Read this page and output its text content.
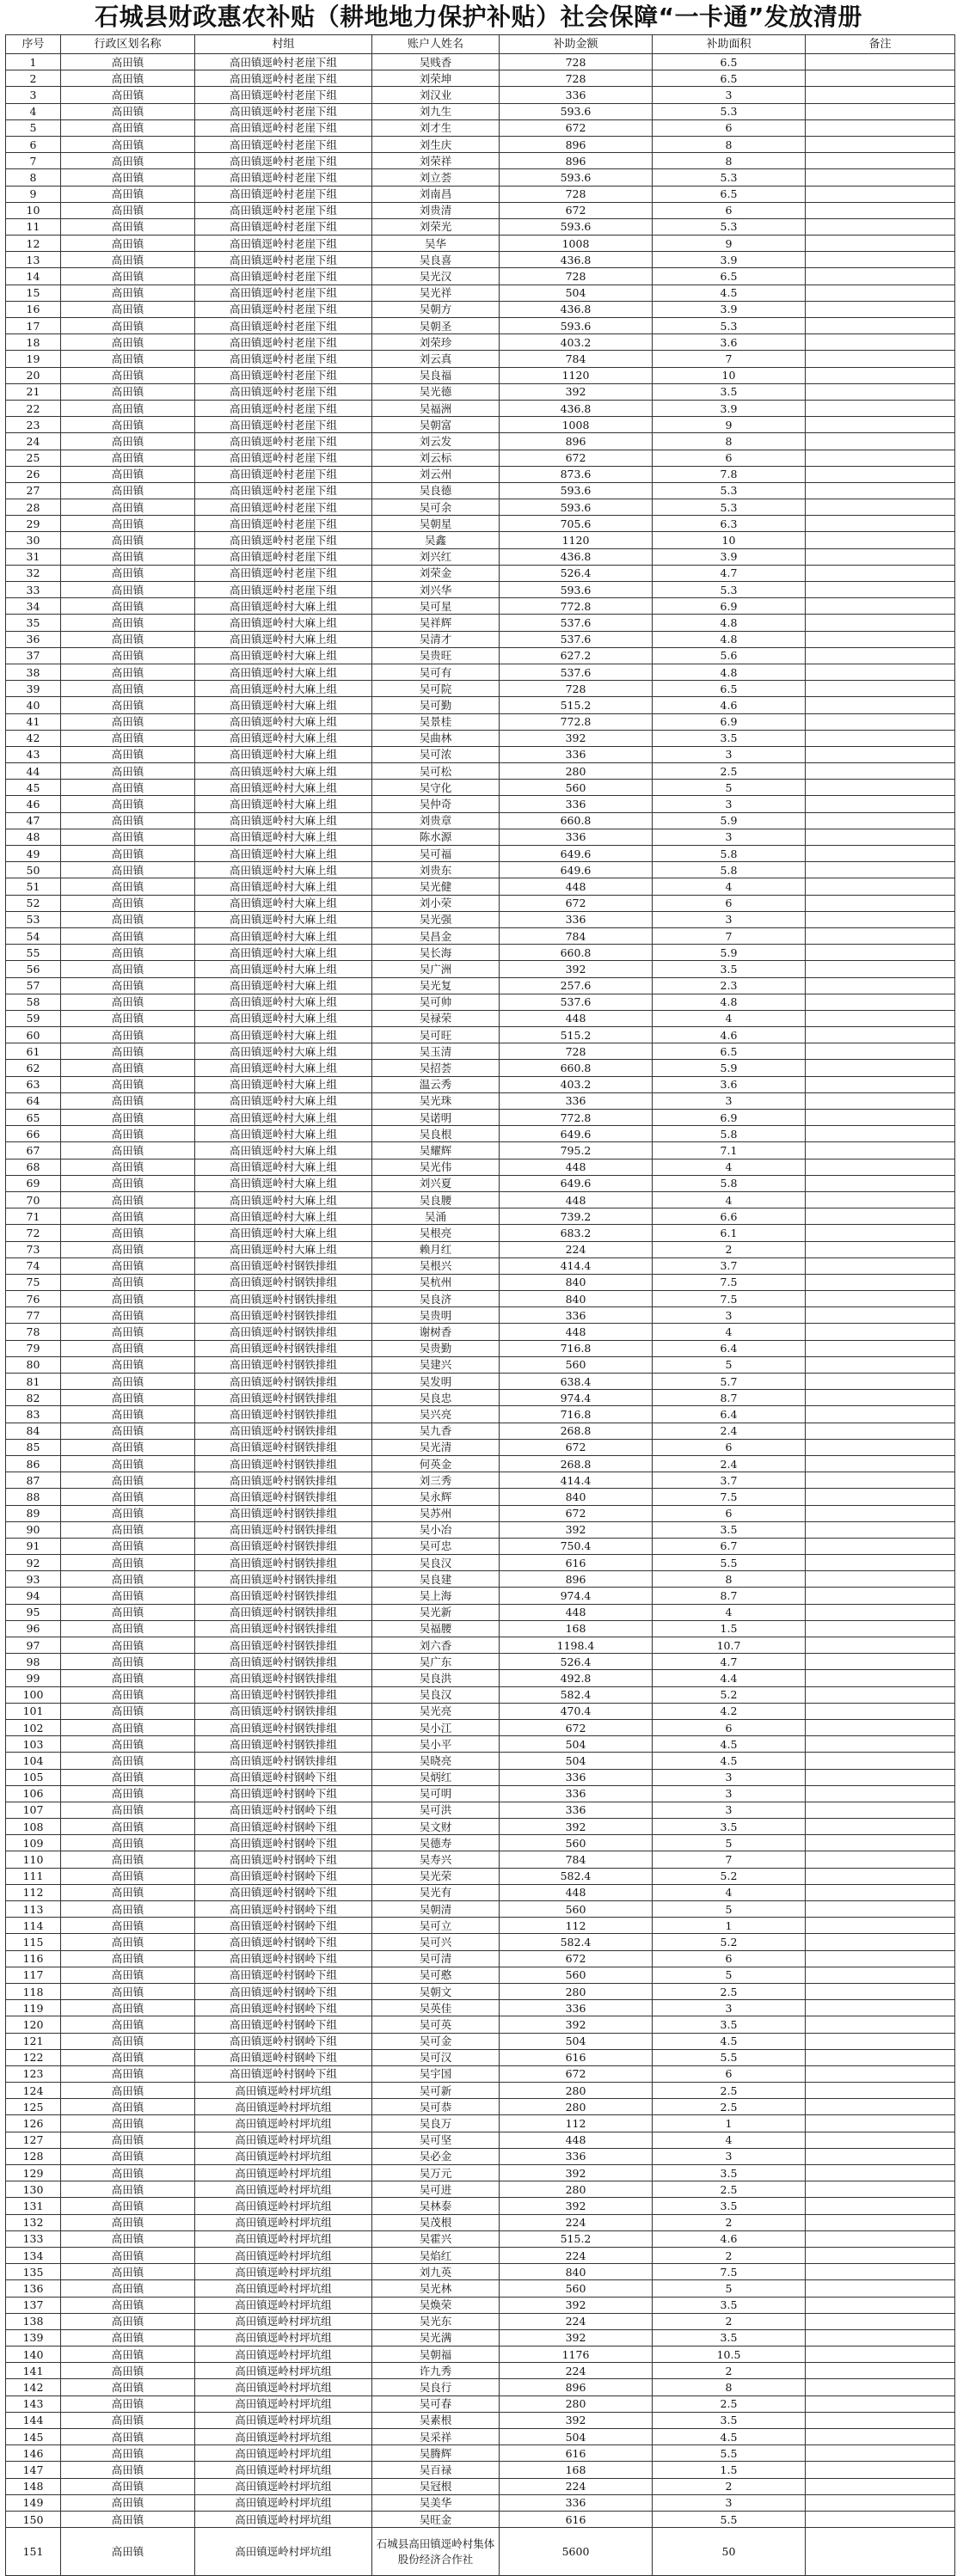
石城县财政惠农补贴（耕地地力保护补贴）社会保障“一卡通”发放清册
序号	行政区划名称	村组	账户人姓名	补助金额	补助面积	备注
1	高田镇	高田镇逕岭村老崖下组	吴贱香	728	6.5	
2	高田镇	高田镇逕岭村老崖下组	刘荣坤	728	6.5	
3	高田镇	高田镇逕岭村老崖下组	刘汉业	336	3	
4	高田镇	高田镇逕岭村老崖下组	刘九生	593.6	5.3	
5	高田镇	高田镇逕岭村老崖下组	刘才生	672	6	
6	高田镇	高田镇逕岭村老崖下组	刘生庆	896	8	
7	高田镇	高田镇逕岭村老崖下组	刘荣祥	896	8	
8	高田镇	高田镇逕岭村老崖下组	刘立荟	593.6	5.3	
9	高田镇	高田镇逕岭村老崖下组	刘南昌	728	6.5	
10	高田镇	高田镇逕岭村老崖下组	刘贵清	672	6	
11	高田镇	高田镇逕岭村老崖下组	刘荣光	593.6	5.3	
12	高田镇	高田镇逕岭村老崖下组	吴华	1008	9	
13	高田镇	高田镇逕岭村老崖下组	吴良喜	436.8	3.9	
14	高田镇	高田镇逕岭村老崖下组	吴光汉	728	6.5	
15	高田镇	高田镇逕岭村老崖下组	吴光祥	504	4.5	
16	高田镇	高田镇逕岭村老崖下组	吴朝方	436.8	3.9	
17	高田镇	高田镇逕岭村老崖下组	吴朝圣	593.6	5.3	
18	高田镇	高田镇逕岭村老崖下组	刘荣珍	403.2	3.6	
19	高田镇	高田镇逕岭村老崖下组	刘云真	784	7	
20	高田镇	高田镇逕岭村老崖下组	吴良福	1120	10	
21	高田镇	高田镇逕岭村老崖下组	吴光德	392	3.5	
22	高田镇	高田镇逕岭村老崖下组	吴福洲	436.8	3.9	
23	高田镇	高田镇逕岭村老崖下组	吴朝富	1008	9	
24	高田镇	高田镇逕岭村老崖下组	刘云发	896	8	
25	高田镇	高田镇逕岭村老崖下组	刘云标	672	6	
26	高田镇	高田镇逕岭村老崖下组	刘云州	873.6	7.8	
27	高田镇	高田镇逕岭村老崖下组	吴良德	593.6	5.3	
28	高田镇	高田镇逕岭村老崖下组	吴可余	593.6	5.3	
29	高田镇	高田镇逕岭村老崖下组	吴朝星	705.6	6.3	
30	高田镇	高田镇逕岭村老崖下组	吴鑫	1120	10	
31	高田镇	高田镇逕岭村老崖下组	刘兴红	436.8	3.9	
32	高田镇	高田镇逕岭村老崖下组	刘荣金	526.4	4.7	
33	高田镇	高田镇逕岭村老崖下组	刘兴华	593.6	5.3	
34	高田镇	高田镇逕岭村大麻上组	吴可星	772.8	6.9	
35	高田镇	高田镇逕岭村大麻上组	吴祥辉	537.6	4.8	
36	高田镇	高田镇逕岭村大麻上组	吴清才	537.6	4.8	
37	高田镇	高田镇逕岭村大麻上组	吴贵旺	627.2	5.6	
38	高田镇	高田镇逕岭村大麻上组	吴可有	537.6	4.8	
39	高田镇	高田镇逕岭村大麻上组	吴可院	728	6.5	
40	高田镇	高田镇逕岭村大麻上组	吴可勤	515.2	4.6	
41	高田镇	高田镇逕岭村大麻上组	吴景桂	772.8	6.9	
42	高田镇	高田镇逕岭村大麻上组	吴曲林	392	3.5	
43	高田镇	高田镇逕岭村大麻上组	吴可浓	336	3	
44	高田镇	高田镇逕岭村大麻上组	吴可松	280	2.5	
45	高田镇	高田镇逕岭村大麻上组	吴守化	560	5	
46	高田镇	高田镇逕岭村大麻上组	吴仲奇	336	3	
47	高田镇	高田镇逕岭村大麻上组	刘贵章	660.8	5.9	
48	高田镇	高田镇逕岭村大麻上组	陈水源	336	3	
49	高田镇	高田镇逕岭村大麻上组	吴可福	649.6	5.8	
50	高田镇	高田镇逕岭村大麻上组	刘贵东	649.6	5.8	
51	高田镇	高田镇逕岭村大麻上组	吴光健	448	4	
52	高田镇	高田镇逕岭村大麻上组	刘小荣	672	6	
53	高田镇	高田镇逕岭村大麻上组	吴光强	336	3	
54	高田镇	高田镇逕岭村大麻上组	吴昌金	784	7	
55	高田镇	高田镇逕岭村大麻上组	吴长海	660.8	5.9	
56	高田镇	高田镇逕岭村大麻上组	吴广洲	392	3.5	
57	高田镇	高田镇逕岭村大麻上组	吴光复	257.6	2.3	
58	高田镇	高田镇逕岭村大麻上组	吴可帅	537.6	4.8	
59	高田镇	高田镇逕岭村大麻上组	吴禄荣	448	4	
60	高田镇	高田镇逕岭村大麻上组	吴可旺	515.2	4.6	
61	高田镇	高田镇逕岭村大麻上组	吴玉清	728	6.5	
62	高田镇	高田镇逕岭村大麻上组	吴招荟	660.8	5.9	
63	高田镇	高田镇逕岭村大麻上组	温云秀	403.2	3.6	
64	高田镇	高田镇逕岭村大麻上组	吴光珠	336	3	
65	高田镇	高田镇逕岭村大麻上组	吴诺明	772.8	6.9	
66	高田镇	高田镇逕岭村大麻上组	吴良根	649.6	5.8	
67	高田镇	高田镇逕岭村大麻上组	吴耀辉	795.2	7.1	
68	高田镇	高田镇逕岭村大麻上组	吴光伟	448	4	
69	高田镇	高田镇逕岭村大麻上组	刘兴夏	649.6	5.8	
70	高田镇	高田镇逕岭村大麻上组	吴良腰	448	4	
71	高田镇	高田镇逕岭村大麻上组	吴涌	739.2	6.6	
72	高田镇	高田镇逕岭村大麻上组	吴根亮	683.2	6.1	
73	高田镇	高田镇逕岭村大麻上组	赖月红	224	2	
74	高田镇	高田镇逕岭村钢铁排组	吴根兴	414.4	3.7	
75	高田镇	高田镇逕岭村钢铁排组	吴杭州	840	7.5	
76	高田镇	高田镇逕岭村钢铁排组	吴良济	840	7.5	
77	高田镇	高田镇逕岭村钢铁排组	吴贵明	336	3	
78	高田镇	高田镇逕岭村钢铁排组	谢树香	448	4	
79	高田镇	高田镇逕岭村钢铁排组	吴贵勤	716.8	6.4	
80	高田镇	高田镇逕岭村钢铁排组	吴建兴	560	5	
81	高田镇	高田镇逕岭村钢铁排组	吴发明	638.4	5.7	
82	高田镇	高田镇逕岭村钢铁排组	吴良忠	974.4	8.7	
83	高田镇	高田镇逕岭村钢铁排组	吴兴亮	716.8	6.4	
84	高田镇	高田镇逕岭村钢铁排组	吴九香	268.8	2.4	
85	高田镇	高田镇逕岭村钢铁排组	吴光清	672	6	
86	高田镇	高田镇逕岭村钢铁排组	何英金	268.8	2.4	
87	高田镇	高田镇逕岭村钢铁排组	刘三秀	414.4	3.7	
88	高田镇	高田镇逕岭村钢铁排组	吴永辉	840	7.5	
89	高田镇	高田镇逕岭村钢铁排组	吴苏州	672	6	
90	高田镇	高田镇逕岭村钢铁排组	吴小冶	392	3.5	
91	高田镇	高田镇逕岭村钢铁排组	吴可忠	750.4	6.7	
92	高田镇	高田镇逕岭村钢铁排组	吴良汉	616	5.5	
93	高田镇	高田镇逕岭村钢铁排组	吴良建	896	8	
94	高田镇	高田镇逕岭村钢铁排组	吴上海	974.4	8.7	
95	高田镇	高田镇逕岭村钢铁排组	吴光新	448	4	
96	高田镇	高田镇逕岭村钢铁排组	吴福腰	168	1.5	
97	高田镇	高田镇逕岭村钢铁排组	刘六香	1198.4	10.7	
98	高田镇	高田镇逕岭村钢铁排组	吴广东	526.4	4.7	
99	高田镇	高田镇逕岭村钢铁排组	吴良洪	492.8	4.4	
100	高田镇	高田镇逕岭村钢铁排组	吴良汉	582.4	5.2	
101	高田镇	高田镇逕岭村钢铁排组	吴光亮	470.4	4.2	
102	高田镇	高田镇逕岭村钢铁排组	吴小江	672	6	
103	高田镇	高田镇逕岭村钢铁排组	吴小平	504	4.5	
104	高田镇	高田镇逕岭村钢铁排组	吴晓亮	504	4.5	
105	高田镇	高田镇逕岭村钢岭下组	吴炳红	336	3	
106	高田镇	高田镇逕岭村钢岭下组	吴可明	336	3	
107	高田镇	高田镇逕岭村钢岭下组	吴可洪	336	3	
108	高田镇	高田镇逕岭村钢岭下组	吴文财	392	3.5	
109	高田镇	高田镇逕岭村钢岭下组	吴德寿	560	5	
110	高田镇	高田镇逕岭村钢岭下组	吴寿兴	784	7	
111	高田镇	高田镇逕岭村钢岭下组	吴光荣	582.4	5.2	
112	高田镇	高田镇逕岭村钢岭下组	吴光有	448	4	
113	高田镇	高田镇逕岭村钢岭下组	吴朝清	560	5	
114	高田镇	高田镇逕岭村钢岭下组	吴可立	112	1	
115	高田镇	高田镇逕岭村钢岭下组	吴可兴	582.4	5.2	
116	高田镇	高田镇逕岭村钢岭下组	吴可清	672	6	
117	高田镇	高田镇逕岭村钢岭下组	吴可憨	560	5	
118	高田镇	高田镇逕岭村钢岭下组	吴朝文	280	2.5	
119	高田镇	高田镇逕岭村钢岭下组	吴英佳	336	3	
120	高田镇	高田镇逕岭村钢岭下组	吴可英	392	3.5	
121	高田镇	高田镇逕岭村钢岭下组	吴可金	504	4.5	
122	高田镇	高田镇逕岭村钢岭下组	吴可汉	616	5.5	
123	高田镇	高田镇逕岭村钢岭下组	吴宇国	672	6	
124	高田镇	高田镇逕岭村坪坑组	吴可新	280	2.5	
125	高田镇	高田镇逕岭村坪坑组	吴可恭	280	2.5	
126	高田镇	高田镇逕岭村坪坑组	吴良万	112	1	
127	高田镇	高田镇逕岭村坪坑组	吴可坚	448	4	
128	高田镇	高田镇逕岭村坪坑组	吴必金	336	3	
129	高田镇	高田镇逕岭村坪坑组	吴万元	392	3.5	
130	高田镇	高田镇逕岭村坪坑组	吴可进	280	2.5	
131	高田镇	高田镇逕岭村坪坑组	吴林泰	392	3.5	
132	高田镇	高田镇逕岭村坪坑组	吴茂根	224	2	
133	高田镇	高田镇逕岭村坪坑组	吴霍兴	515.2	4.6	
134	高田镇	高田镇逕岭村坪坑组	吴焰红	224	2	
135	高田镇	高田镇逕岭村坪坑组	刘九英	840	7.5	
136	高田镇	高田镇逕岭村坪坑组	吴光林	560	5	
137	高田镇	高田镇逕岭村坪坑组	吴焕荣	392	3.5	
138	高田镇	高田镇逕岭村坪坑组	吴光东	224	2	
139	高田镇	高田镇逕岭村坪坑组	吴光满	392	3.5	
140	高田镇	高田镇逕岭村坪坑组	吴朝福	1176	10.5	
141	高田镇	高田镇逕岭村坪坑组	许九秀	224	2	
142	高田镇	高田镇逕岭村坪坑组	吴良行	896	8	
143	高田镇	高田镇逕岭村坪坑组	吴可春	280	2.5	
144	高田镇	高田镇逕岭村坪坑组	吴素根	392	3.5	
145	高田镇	高田镇逕岭村坪坑组	吴采祥	504	4.5	
146	高田镇	高田镇逕岭村坪坑组	吴腾辉	616	5.5	
147	高田镇	高田镇逕岭村坪坑组	吴百禄	168	1.5	
148	高田镇	高田镇逕岭村坪坑组	吴冠根	224	2	
149	高田镇	高田镇逕岭村坪坑组	吴美华	336	3	
150	高田镇	高田镇逕岭村坪坑组	吴旺金	616	5.5	
151	高田镇	高田镇逕岭村坪坑组	石城县高田镇逕岭村集体股份经济合作社	5600	50	
